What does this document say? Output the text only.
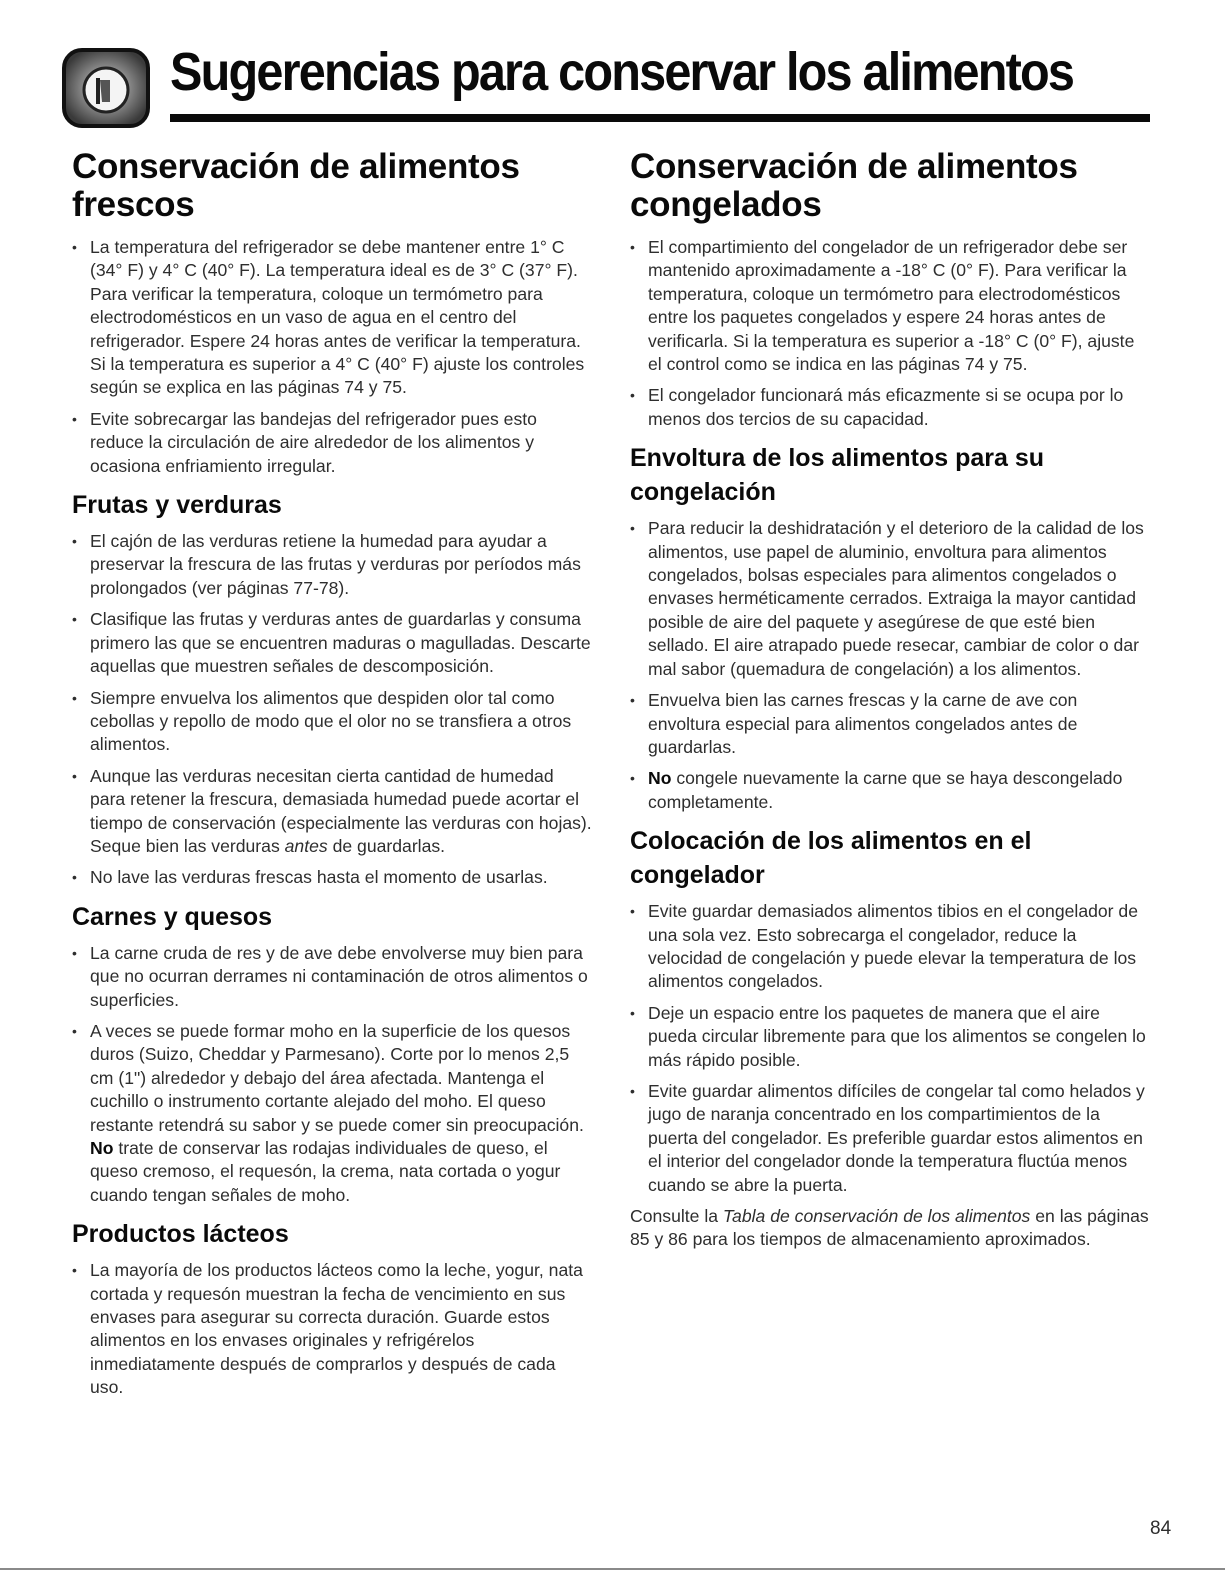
Sugerencias para conservar los alimentos
Conservación de alimentos frescos
• La temperatura del refrigerador se debe mantener entre 1° C (34° F) y 4° C (40° F). La temperatura ideal es de 3° C (37° F). Para verificar la temperatura, coloque un termómetro para electrodomésticos en un vaso de agua en el centro del refrigerador. Espere 24 horas antes de verificar la temperatura. Si la temperatura es superior a 4° C (40° F) ajuste los controles según se explica en las páginas 74 y 75.
• Evite sobrecargar las bandejas del refrigerador pues esto reduce la circulación de aire alrededor de los alimentos y ocasiona enfriamiento irregular.
Frutas y verduras
• El cajón de las verduras retiene la humedad para ayudar a preservar la frescura de las frutas y verduras por períodos más prolongados (ver páginas 77-78).
• Clasifique las frutas y verduras antes de guardarlas y consuma primero las que se encuentren maduras o magulladas. Descarte aquellas que muestren señales de descomposición.
• Siempre envuelva los alimentos que despiden olor tal como cebollas y repollo de modo que el olor no se transfiera a otros alimentos.
• Aunque las verduras necesitan cierta cantidad de humedad para retener la frescura, demasiada humedad puede acortar el tiempo de conservación (especialmente las verduras con hojas). Seque bien las verduras antes de guardarlas.
• No lave las verduras frescas hasta el momento de usarlas.
Carnes y quesos
• La carne cruda de res y de ave debe envolverse muy bien para que no ocurran derrames ni contaminación de otros alimentos o superficies.
• A veces se puede formar moho en la superficie de los quesos duros (Suizo, Cheddar y Parmesano). Corte por lo menos 2,5 cm (1") alrededor y debajo del área afectada. Mantenga el cuchillo o instrumento cortante alejado del moho. El queso restante retendrá su sabor y se puede comer sin preocupación. No trate de conservar las rodajas individuales de queso, el queso cremoso, el requesón, la crema, nata cortada o yogur cuando tengan señales de moho.
Productos lácteos
• La mayoría de los productos lácteos como la leche, yogur, nata cortada y requesón muestran la fecha de vencimiento en sus envases para asegurar su correcta duración. Guarde estos alimentos en los envases originales y refrigérelos inmediatamente después de comprarlos y después de cada uso.
Conservación de alimentos congelados
• El compartimiento del congelador de un refrigerador debe ser mantenido aproximadamente a -18° C (0° F). Para verificar la temperatura, coloque un termómetro para electrodomésticos entre los paquetes congelados y espere 24 horas antes de verificarla. Si la temperatura es superior a -18° C (0° F), ajuste el control como se indica en las páginas 74 y 75.
• El congelador funcionará más eficazmente si se ocupa por lo menos dos tercios de su capacidad.
Envoltura de los alimentos para su congelación
• Para reducir la deshidratación y el deterioro de la calidad de los alimentos, use papel de aluminio, envoltura para alimentos congelados, bolsas especiales para alimentos congelados o envases herméticamente cerrados. Extraiga la mayor cantidad posible de aire del paquete y asegúrese de que esté bien sellado. El aire atrapado puede resecar, cambiar de color o dar mal sabor (quemadura de congelación) a los alimentos.
• Envuelva bien las carnes frescas y la carne de ave con envoltura especial para alimentos congelados antes de guardarlas.
• No congele nuevamente la carne que se haya descongelado completamente.
Colocación de los alimentos en el congelador
• Evite guardar demasiados alimentos tibios en el congelador de una sola vez. Esto sobrecarga el congelador, reduce la velocidad de congelación y puede elevar la temperatura de los alimentos congelados.
• Deje un espacio entre los paquetes de manera que el aire pueda circular libremente para que los alimentos se congelen lo más rápido posible.
• Evite guardar alimentos difíciles de congelar tal como helados y jugo de naranja concentrado en los compartimientos de la puerta del congelador. Es preferible guardar estos alimentos en el interior del congelador donde la temperatura fluctúa menos cuando se abre la puerta.

Consulte la Tabla de conservación de los alimentos en las páginas 85 y 86 para los tiempos de almacenamiento aproximados.

84
